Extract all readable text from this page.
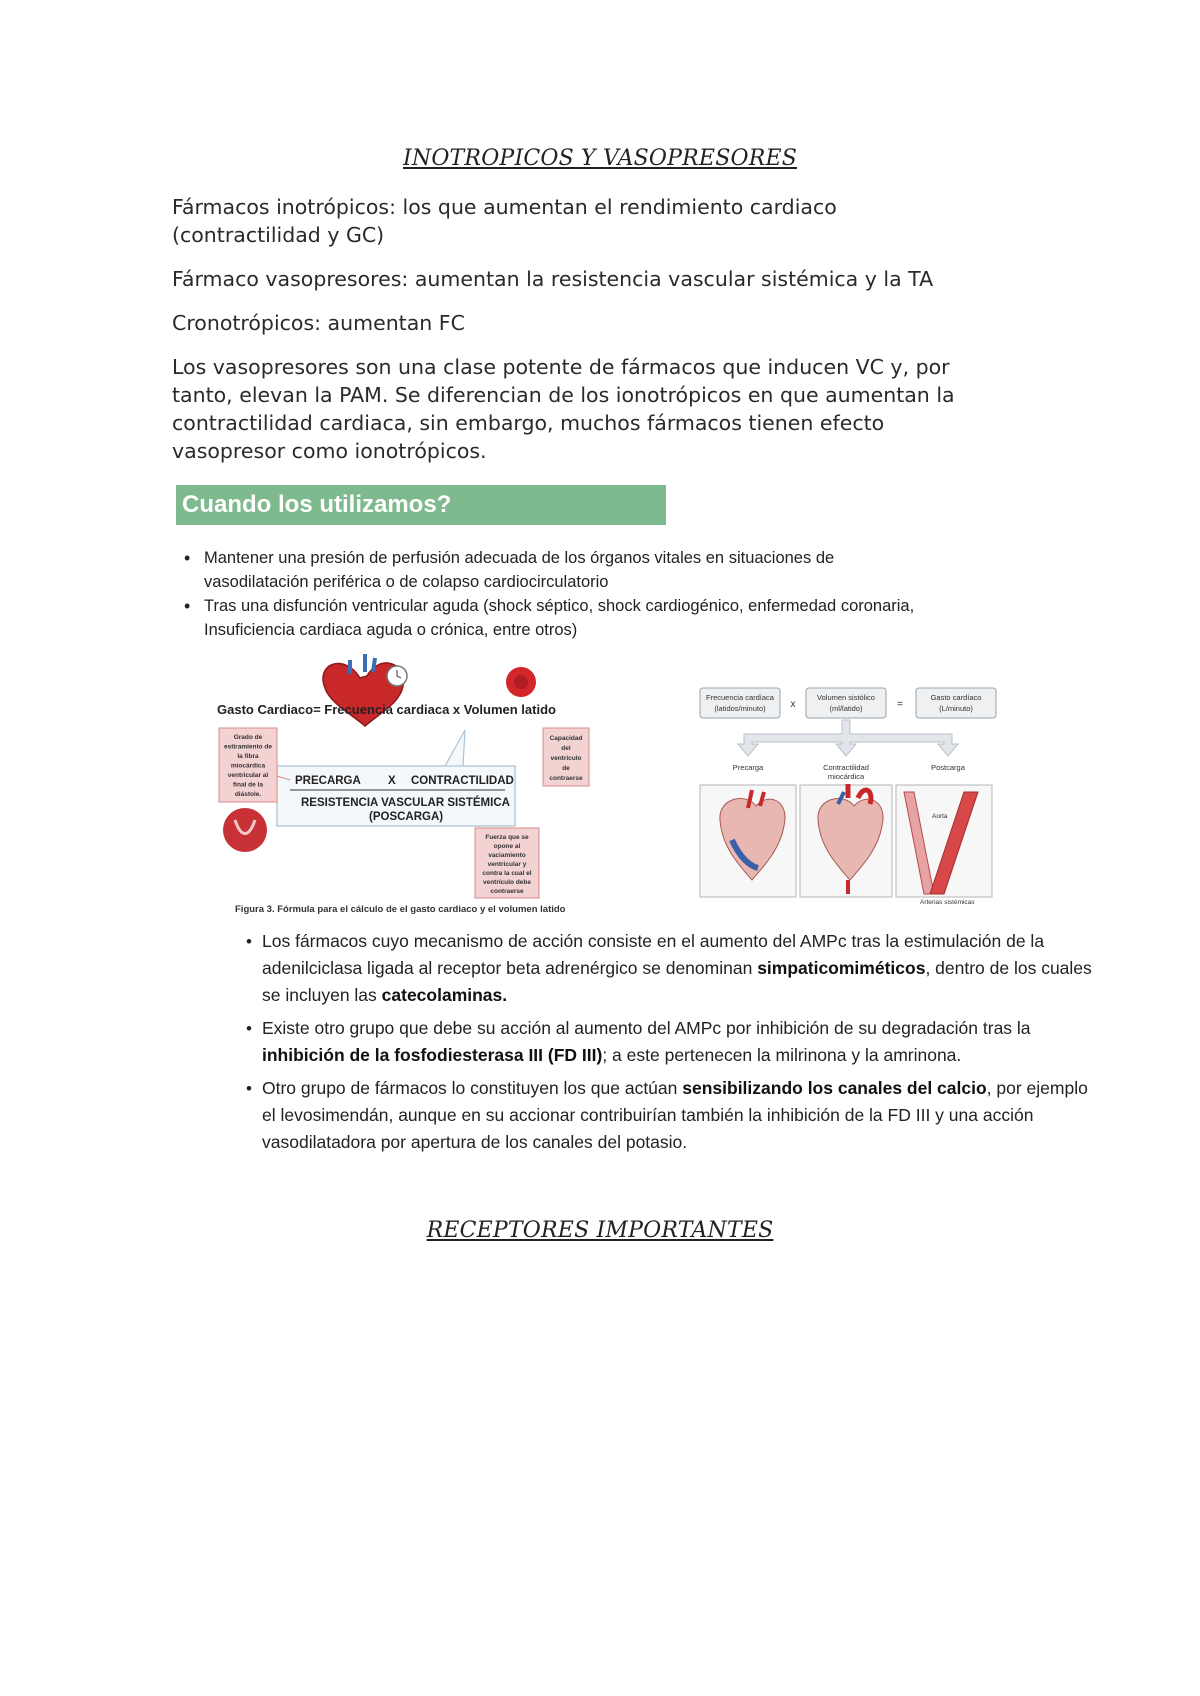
INOTROPICOS Y VASOPRESORES

Fármacos inotrópicos: los que aumentan el rendimiento cardiaco
(contractilidad y GC)

Fármaco vasopresores: aumentan la resistencia vascular sistémica y la TA

Cronotrópicos: aumentan FC

Los vasopresores son una clase potente de fármacos que inducen VC y, por
tanto, elevan la PAM. Se diferencian de los ionotrópicos en que aumentan la
contractilidad cardiaca, sin embargo, muchos fármacos tienen efecto
vasopresor como ionotrópicos.

Cuando los utilizamos?
• Mantener una presión de perfusión adecuada de los órganos vitales en situaciones de
vasodilatación periférica o de colapso cardiocirculatorio
• Tras una disfunción ventricular aguda (shock séptico, shock cardiogénico, enfermedad coronaria,
Insuficiencia cardiaca aguda o crónica, entre otros)
Gasto Cardiaco= Frecuencia cardiaca x Volumen latido
PRECARGA X CONTRACTILIDAD
RESISTENCIA VASCULAR SISTÉMICA
(POSCARGA)
Grado de
estiramiento de
la fibra
miocárdica
ventricular al
final de la
diástole.
Capacidad
del
ventrículo
de
contraerse
Fuerza que se
opone al
vaciamiento
ventricular y
contra la cual el
ventrículo debe
contraerse
Figura 3. Fórmula para el cálculo de el gasto cardiaco y el volumen latido
Frecuencia cardíaca
(latidos/minuto) x
Volumen sistólico
(ml/latido)	=
Gasto cardíaco
(L/minuto)
Precarga	Contractilidad
miocárdica
Postcarga
Aorta
Arterias sistémicas
• Los fármacos cuyo mecanismo de acción consiste en el aumento del AMPc tras la estimulación de la adenilciclasa ligada al receptor beta adrenérgico se denominan simpaticomiméticos, dentro de los cuales se incluyen las catecolaminas.
• Existe otro grupo que debe su acción al aumento del AMPc por inhibición de su degradación tras la inhibición de la fosfodiesterasa III (FD III); a este pertenecen la milrinona y la amrinona.
• Otro grupo de fármacos lo constituyen los que actúan sensibilizando los canales del calcio, por ejemplo el levosimendán, aunque en su accionar contribuirían también la inhibición de la FD III y una acción vasodilatadora por apertura de los canales del potasio.
RECEPTORES IMPORTANTES
